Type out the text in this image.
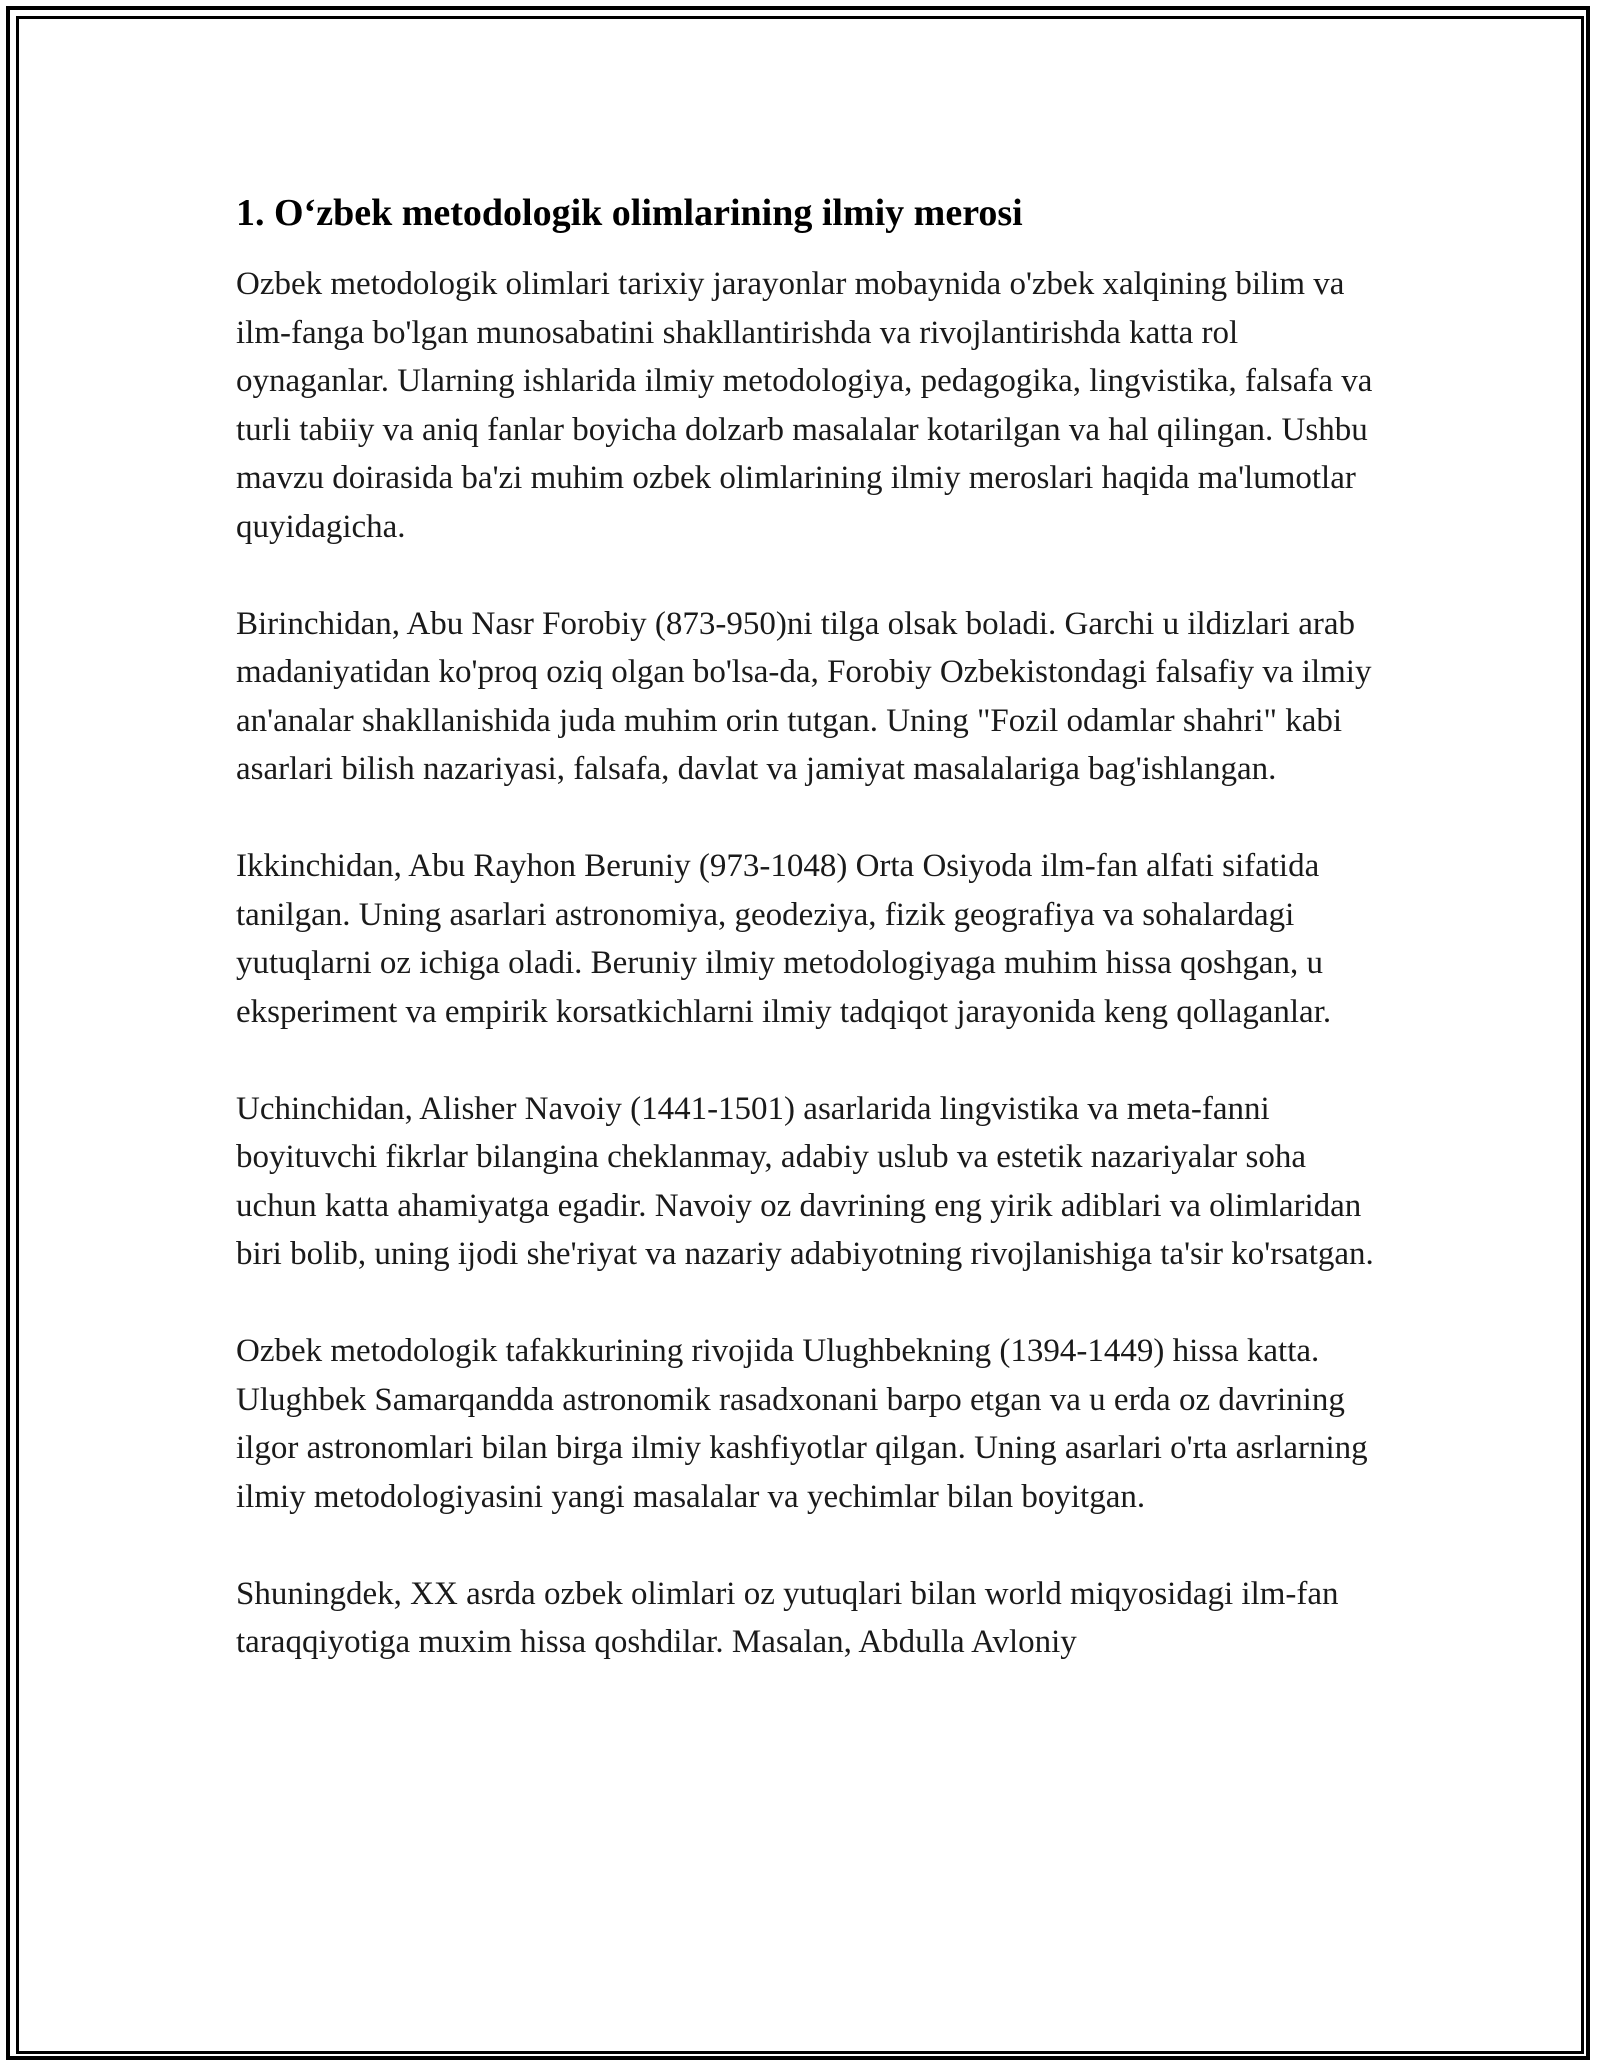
1. O‘zbek metodologik olimlarining ilmiy merosi

Ozbek metodologik olimlari tarixiy jarayonlar mobaynida o'zbek xalqining bilim va ilm-fanga bo'lgan munosabatini shakllantirishda va rivojlantirishda katta rol oynaganlar. Ularning ishlarida ilmiy metodologiya, pedagogika, lingvistika, falsafa va turli tabiiy va aniq fanlar boyicha dolzarb masalalar kotarilgan va hal qilingan. Ushbu mavzu doirasida ba'zi muhim ozbek olimlarining ilmiy meroslari haqida ma'lumotlar quyidagicha.

Birinchidan, Abu Nasr Forobiy (873-950)ni tilga olsak boladi. Garchi u ildizlari arab madaniyatidan ko'proq oziq olgan bo'lsa-da, Forobiy Ozbekistondagi falsafiy va ilmiy an'analar shakllanishida juda muhim orin tutgan. Uning "Fozil odamlar shahri" kabi asarlari bilish nazariyasi, falsafa, davlat va jamiyat masalalariga bag'ishlangan.

Ikkinchidan, Abu Rayhon Beruniy (973-1048) Orta Osiyoda ilm-fan alfati sifatida tanilgan. Uning asarlari astronomiya, geodeziya, fizik geografiya va sohalardagi yutuqlarni oz ichiga oladi. Beruniy ilmiy metodologiyaga muhim hissa qoshgan, u eksperiment va empirik korsatkichlarni ilmiy tadqiqot jarayonida keng qollaganlar.

Uchinchidan, Alisher Navoiy (1441-1501) asarlarida lingvistika va meta-fanni boyituvchi fikrlar bilangina cheklanmay, adabiy uslub va estetik nazariyalar soha uchun katta ahamiyatga egadir. Navoiy oz davrining eng yirik adiblari va olimlaridan biri bolib, uning ijodi she'riyat va nazariy adabiyotning rivojlanishiga ta'sir ko'rsatgan.

Ozbek metodologik tafakkurining rivojida Ulughbekning (1394-1449) hissa katta. Ulughbek Samarqandda astronomik rasadxonani barpo etgan va u erda oz davrining ilgor astronomlari bilan birga ilmiy kashfiyotlar qilgan. Uning asarlari o'rta asrlarning ilmiy metodologiyasini yangi masalalar va yechimlar bilan boyitgan.

Shuningdek, XX asrda ozbek olimlari oz yutuqlari bilan world miqyosidagi ilm-fan taraqqiyotiga muxim hissa qoshdilar. Masalan, Abdulla Avloniy
